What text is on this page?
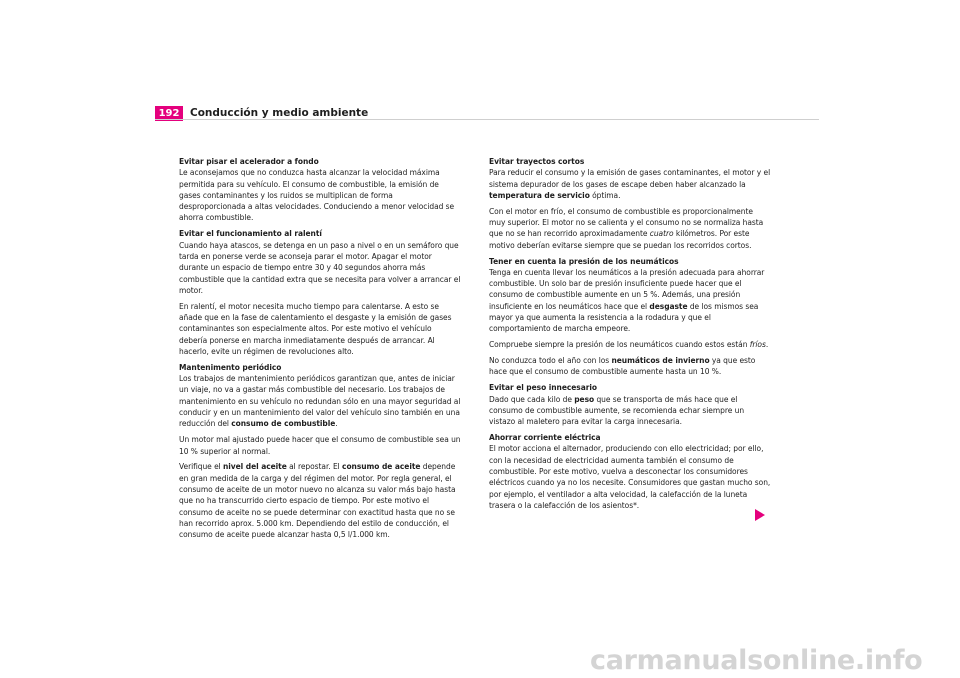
192	Conducción y medio ambiente
Evitar pisar el acelerador a fondo

Le aconsejamos que no conduzca hasta alcanzar la velocidad máxima permitida para su vehículo. El consumo de combustible, la emisión de gases contaminantes y los ruidos se multiplican de forma desproporcionada a altas velocidades. Conduciendo a menor velocidad se ahorra combustible.

Evitar el funcionamiento al ralentí

Cuando haya atascos, se detenga en un paso a nivel o en un semáforo que tarda en ponerse verde se aconseja parar el motor. Apagar el motor durante un espacio de tiempo entre 30 y 40 segundos ahorra más combustible que la cantidad extra que se necesita para volver a arrancar el motor.

En ralentí, el motor necesita mucho tiempo para calentarse. A esto se añade que en la fase de calentamiento el desgaste y la emisión de gases contaminantes son especialmente altos. Por este motivo el vehículo debería ponerse en marcha inmediatamente después de arrancar. Al hacerlo, evite un régimen de revoluciones alto.

Mantenimento periódico

Los trabajos de mantenimiento periódicos garantizan que, antes de iniciar un viaje, no va a gastar más combustible del necesario. Los trabajos de mantenimiento en su vehículo no redundan sólo en una mayor seguridad al conducir y en un mantenimiento del valor del vehículo sino también en una reducción del consumo de combustible.

Un motor mal ajustado puede hacer que el consumo de combustible sea un 10 % superior al normal.

Verifique el nivel del aceite al repostar. El consumo de aceite depende en gran medida de la carga y del régimen del motor. Por regla general, el consumo de aceite de un motor nuevo no alcanza su valor más bajo hasta que no ha transcurrido cierto espacio de tiempo. Por este motivo el consumo de aceite no se puede determinar con exactitud hasta que no se han recorrido aprox. 5.000 km. Dependiendo del estilo de conducción, el consumo de aceite puede alcanzar hasta 0,5 l/1.000 km.

Evitar trayectos cortos

Para reducir el consumo y la emisión de gases contaminantes, el motor y el sistema depurador de los gases de escape deben haber alcanzado la temperatura de servicio óptima.

Con el motor en frío, el consumo de combustible es proporcionalmente muy superior. El motor no se calienta y el consumo no se normaliza hasta que no se han recorrido aproximadamente cuatro kilómetros. Por este motivo deberían evitarse siempre que se puedan los recorridos cortos.

Tener en cuenta la presión de los neumáticos

Tenga en cuenta llevar los neumáticos a la presión adecuada para ahorrar combustible. Un solo bar de presión insuficiente puede hacer que el consumo de combustible aumente en un 5 %. Además, una presión insuficiente en los neumáticos hace que el desgaste de los mismos sea mayor ya que aumenta la resistencia a la rodadura y que el comportamiento de marcha empeore.

Compruebe siempre la presión de los neumáticos cuando estos están fríos.

No conduzca todo el año con los neumáticos de invierno ya que esto hace que el consumo de combustible aumente hasta un 10 %.

Evitar el peso innecesario

Dado que cada kilo de peso que se transporta de más hace que el consumo de combustible aumente, se recomienda echar siempre un vistazo al maletero para evitar la carga innecesaria.

Ahorrar corriente eléctrica

El motor acciona el alternador, produciendo con ello electricidad; por ello, con la necesidad de electricidad aumenta también el consumo de combustible. Por este motivo, vuelva a desconectar los consumidores eléctricos cuando ya no los necesite. Consumidores que gastan mucho son, por ejemplo, el ventilador a alta velocidad, la calefacción de la luneta trasera o la calefacción de los asientos*.

carmanualsonline.info
